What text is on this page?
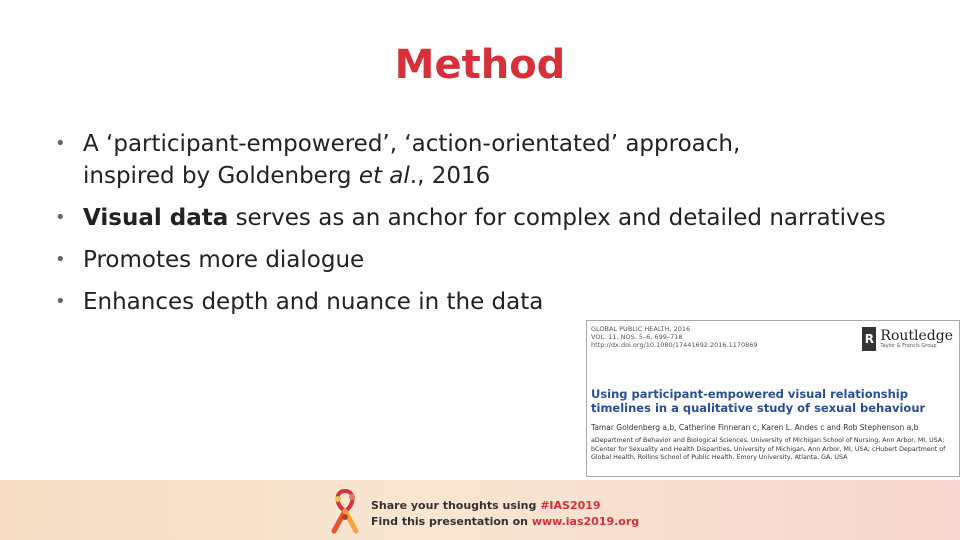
Method
• A ‘participant-empowered’, ‘action-orientated’ approach,
inspired by Goldenberg et al., 2016
• Visual data serves as an anchor for complex and detailed narratives
• Promotes more dialogue
• Enhances depth and nuance in the data
GLOBAL PUBLIC HEALTH, 2016
VOL. 11, NOS. 5–6, 699–718
http://dx.doi.org/10.1080/17441692.2016.1170869	R Routledge
Taylor & Francis Group
Using participant-empowered visual relationship timelines in a qualitative study of sexual behaviour
Tamar Goldenberg a,b, Catherine Finneran c, Karen L. Andes c and Rob Stephenson a,b
aDepartment of Behavior and Biological Sciences, University of Michigan School of Nursing, Ann Arbor, MI, USA; bCenter for Sexuality and Health Disparities, University of Michigan, Ann Arbor, MI, USA; cHubert Department of Global Health, Rollins School of Public Health, Emory University, Atlanta, GA, USA
Share your thoughts using #IAS2019
Find this presentation on www.ias2019.org
